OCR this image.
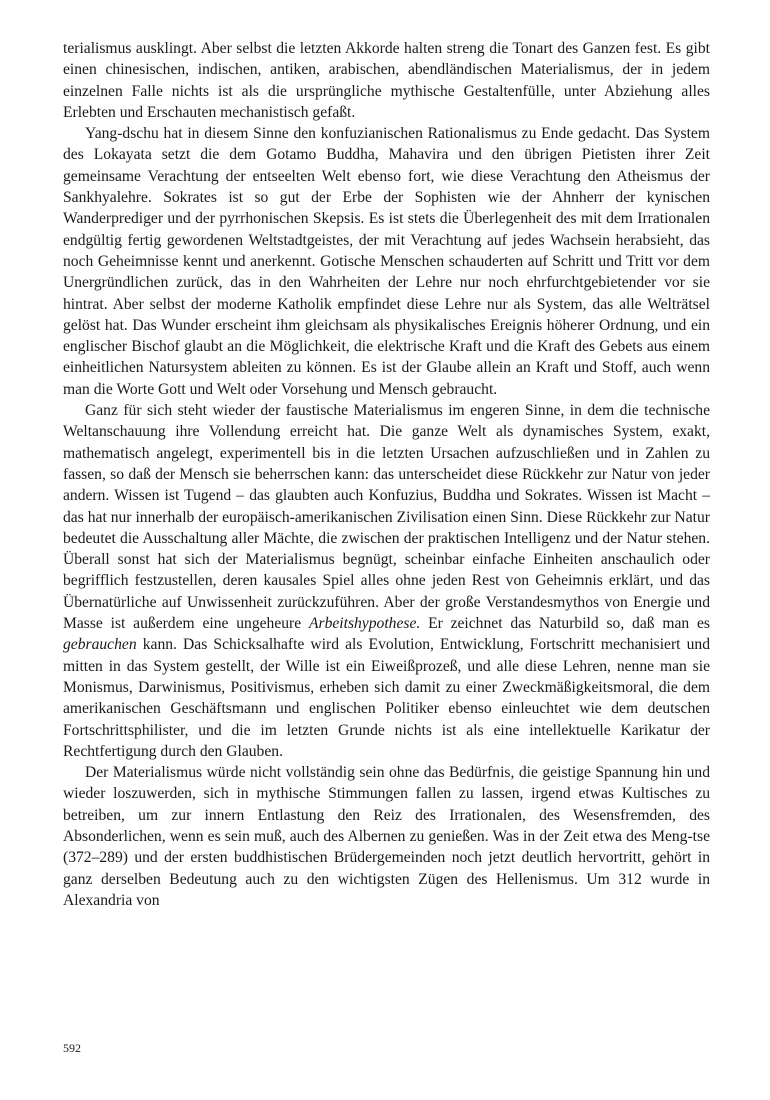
terialismus ausklingt. Aber selbst die letzten Akkorde halten streng die Tonart des Ganzen fest. Es gibt einen chinesischen, indischen, antiken, arabischen, abendländischen Materialismus, der in jedem einzelnen Falle nichts ist als die ursprüngliche mythische Gestaltenfülle, unter Abziehung alles Erlebten und Erschauten mechanistisch gefaßt.

Yang-dschu hat in diesem Sinne den konfuzianischen Rationalismus zu Ende gedacht. Das System des Lokayata setzt die dem Gotamo Buddha, Mahavira und den übrigen Pietisten ihrer Zeit gemeinsame Verachtung der entseelten Welt ebenso fort, wie diese Verachtung den Atheismus der Sankhyalehre. Sokrates ist so gut der Erbe der Sophisten wie der Ahnherr der kynischen Wanderprediger und der pyrrhonischen Skepsis. Es ist stets die Überlegenheit des mit dem Irrationalen endgültig fertig gewordenen Weltstadtgeistes, der mit Verachtung auf jedes Wachsein herabsieht, das noch Geheimnisse kennt und anerkennt. Gotische Menschen schauderten auf Schritt und Tritt vor dem Unergründlichen zurück, das in den Wahrheiten der Lehre nur noch ehrfurchtgebietender vor sie hintrat. Aber selbst der moderne Katholik empfindet diese Lehre nur als System, das alle Welträtsel gelöst hat. Das Wunder erscheint ihm gleichsam als physikalisches Ereignis höherer Ordnung, und ein englischer Bischof glaubt an die Möglichkeit, die elektrische Kraft und die Kraft des Gebets aus einem einheitlichen Natursystem ableiten zu können. Es ist der Glaube allein an Kraft und Stoff, auch wenn man die Worte Gott und Welt oder Vorsehung und Mensch gebraucht.

Ganz für sich steht wieder der faustische Materialismus im engeren Sinne, in dem die technische Weltanschauung ihre Vollendung erreicht hat. Die ganze Welt als dynamisches System, exakt, mathematisch angelegt, experimentell bis in die letzten Ursachen aufzuschließen und in Zahlen zu fassen, so daß der Mensch sie beherrschen kann: das unterscheidet diese Rückkehr zur Natur von jeder andern. Wissen ist Tugend – das glaubten auch Konfuzius, Buddha und Sokrates. Wissen ist Macht – das hat nur innerhalb der europäisch-amerikanischen Zivilisation einen Sinn. Diese Rückkehr zur Natur bedeutet die Ausschaltung aller Mächte, die zwischen der praktischen Intelligenz und der Natur stehen. Überall sonst hat sich der Materialismus begnügt, scheinbar einfache Einheiten anschaulich oder begrifflich festzustellen, deren kausales Spiel alles ohne jeden Rest von Geheimnis erklärt, und das Übernatürliche auf Unwissenheit zurückzuführen. Aber der große Verstandesmythos von Energie und Masse ist außerdem eine ungeheure Arbeitshypothese. Er zeichnet das Naturbild so, daß man es gebrauchen kann. Das Schicksalhafte wird als Evolution, Entwicklung, Fortschritt mechanisiert und mitten in das System gestellt, der Wille ist ein Eiweißprozeß, und alle diese Lehren, nenne man sie Monismus, Darwinismus, Positivismus, erheben sich damit zu einer Zweckmäßigkeitsmoral, die dem amerikanischen Geschäftsmann und englischen Politiker ebenso einleuchtet wie dem deutschen Fortschrittsphilister, und die im letzten Grunde nichts ist als eine intellektuelle Karikatur der Rechtfertigung durch den Glauben.

Der Materialismus würde nicht vollständig sein ohne das Bedürfnis, die geistige Spannung hin und wieder loszuwerden, sich in mythische Stimmungen fallen zu lassen, irgend etwas Kultisches zu betreiben, um zur innern Entlastung den Reiz des Irrationalen, des Wesensfremden, des Absonderlichen, wenn es sein muß, auch des Albernen zu genießen. Was in der Zeit etwa des Meng-tse (372–289) und der ersten buddhistischen Brüdergemeinden noch jetzt deutlich hervortritt, gehört in ganz derselben Bedeutung auch zu den wichtigsten Zügen des Hellenismus. Um 312 wurde in Alexandria von

592
